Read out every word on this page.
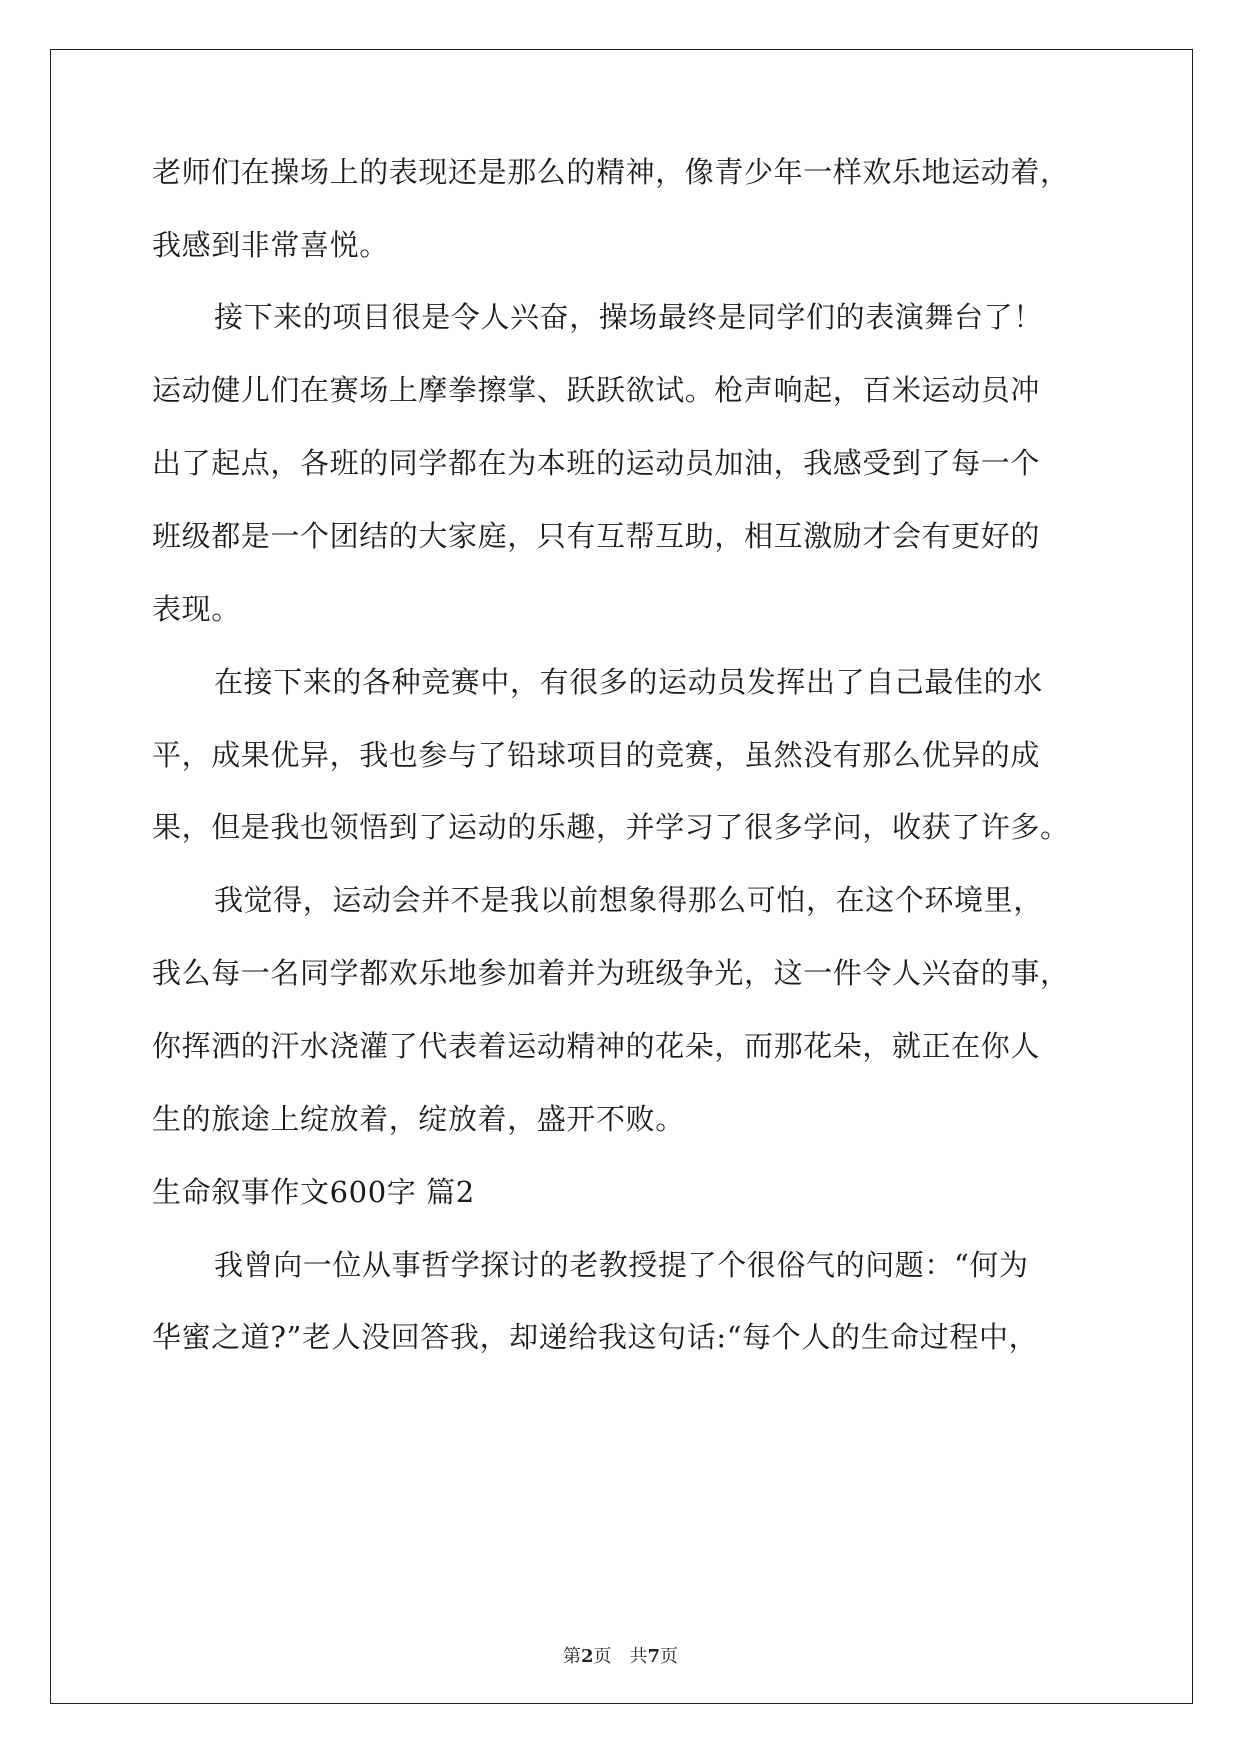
老师们在操场上的表现还是那么的精神，像青少年一样欢乐地运动着，
我感到非常喜悦。
接下来的项目很是令人兴奋，操场最终是同学们的表演舞台了！
运动健儿们在赛场上摩拳擦掌、跃跃欲试。枪声响起，百米运动员冲
出了起点，各班的同学都在为本班的运动员加油，我感受到了每一个
班级都是一个团结的大家庭，只有互帮互助，相互激励才会有更好的
表现。
在接下来的各种竞赛中，有很多的运动员发挥出了自己最佳的水
平，成果优异，我也参与了铅球项目的竞赛，虽然没有那么优异的成
果，但是我也领悟到了运动的乐趣，并学习了很多学问，收获了许多。
我觉得，运动会并不是我以前想象得那么可怕，在这个环境里，
我么每一名同学都欢乐地参加着并为班级争光，这一件令人兴奋的事，
你挥洒的汗水浇灌了代表着运动精神的花朵，而那花朵，就正在你人
生的旅途上绽放着，绽放着，盛开不败。
生命叙事作文600字 篇2
我曾向一位从事哲学探讨的老教授提了个很俗气的问题：“何为
华蜜之道?”老人没回答我，却递给我这句话:“每个人的生命过程中，
第2页 共7页
